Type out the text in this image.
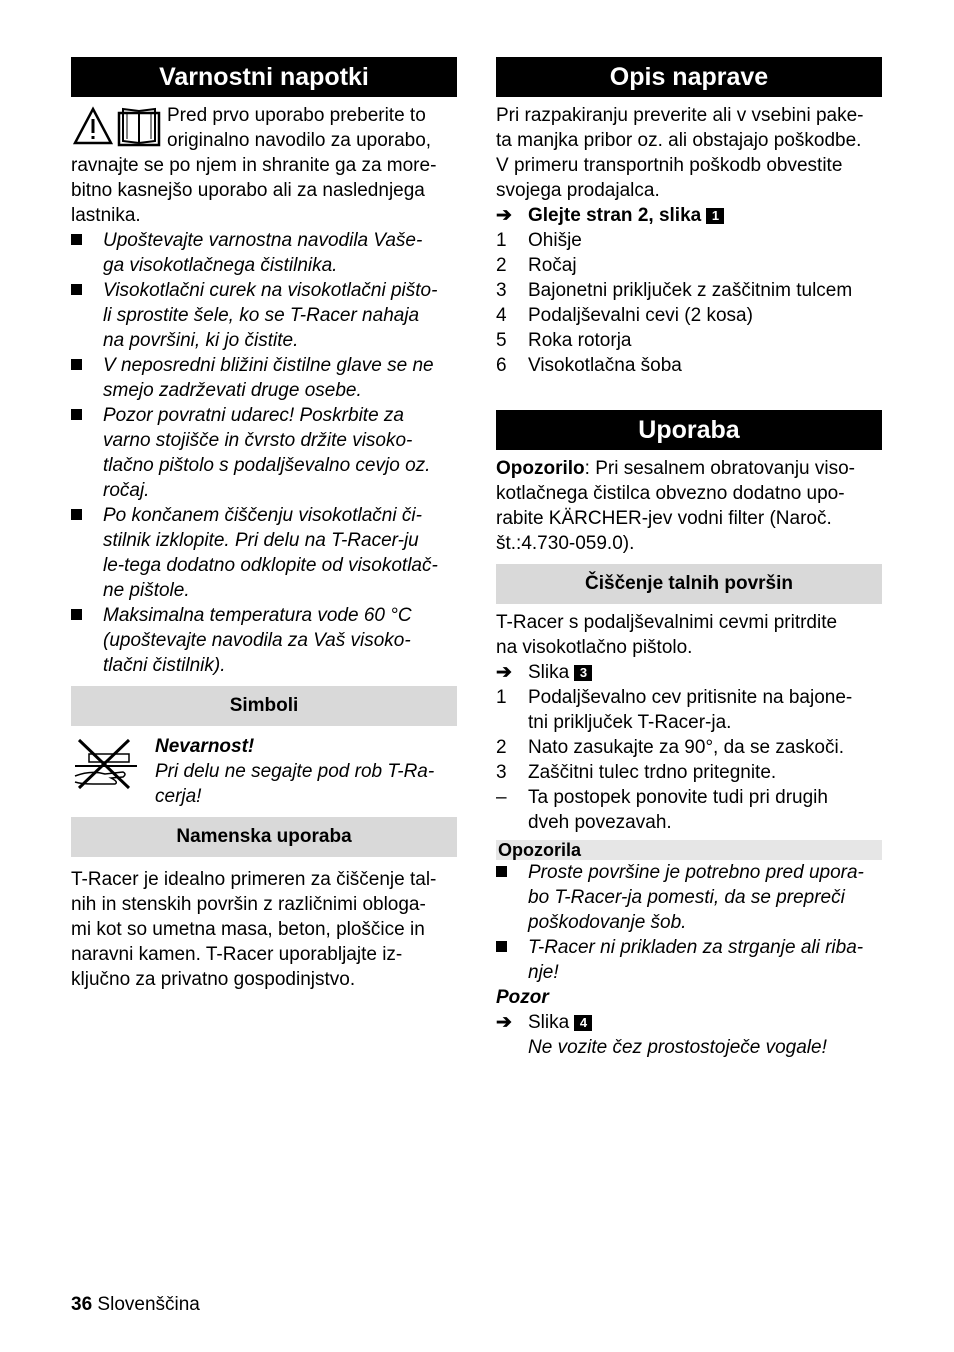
Varnostni napotki

Pred prvo uporabo preberite to

originalno navodilo za uporabo,

ravnajte se po njem in shranite ga za more-

bitno kasnejšo uporabo ali za naslednjega

lastnika.

Upoštevajte varnostna navodila Vaše-

ga visokotlačnega čistilnika.

Visokotlačni curek na visokotlačni pišto-

li sprostite šele, ko se T-Racer nahaja

na površini, ki jo čistite.

V neposredni bližini čistilne glave se ne

smejo zadrževati druge osebe.

Pozor povratni udarec! Poskrbite za

varno stojišče in čvrsto držite visoko-

tlačno pištolo s podaljševalno cevjo oz.

ročaj.

Po končanem čiščenju visokotlačni či-

stilnik izklopite. Pri delu na T-Racer-ju

le-tega dodatno odklopite od visokotlač-

ne pištole.

Maksimalna temperatura vode 60 °C

(upoštevajte navodila za Vaš visoko-

tlačni čistilnik).

Simboli

Nevarnost!

Pri delu ne segajte pod rob T-Ra-

cerja!

Namenska uporaba

T-Racer je idealno primeren za čiščenje tal-

nih in stenskih površin z različnimi obloga-

mi kot so umetna masa, beton, ploščice in

naravni kamen. T-Racer uporabljajte iz-

ključno za privatno gospodinjstvo.

Opis naprave

Pri razpakiranju preverite ali v vsebini pake-

ta manjka pribor oz. ali obstajajo poškodbe.

V primeru transportnih poškodb obvestite

svojega prodajalca.

➔ Glejte stran 2, slika 1
1	Ohišje
2	Ročaj
3	Bajonetni priključek z zaščitnim tulcem
4	Podaljševalni cevi (2 kosa)
5	Roka rotorja
6	Visokotlačna šoba
Uporaba

Opozorilo: Pri sesalnem obratovanju viso-

kotlačnega čistilca obvezno dodatno upo-

rabite KÄRCHER-jev vodni filter (Naroč.

št.:4.730-059.0).

Čiščenje talnih površin

T-Racer s podaljševalnimi cevmi pritrdite

na visokotlačno pištolo.

➔ Slika 3
1	Podaljševalno cev pritisnite na bajone-

tni priključek T-Racer-ja.

2	Nato zasukajte za 90°, da se zaskoči.
3	Zaščitni tulec trdno pritegnite.
–	Ta postopek ponovite tudi pri drugih

dveh povezavah.

Opozorila

Proste površine je potrebno pred upora-

bo T-Racer-ja pomesti, da se prepreči

poškodovanje šob.

T-Racer ni prikladen za strganje ali riba-

nje!

Pozor

➔ Slika 4
Ne vozite čez prostostoječe vogale!
36 Slovenščina
